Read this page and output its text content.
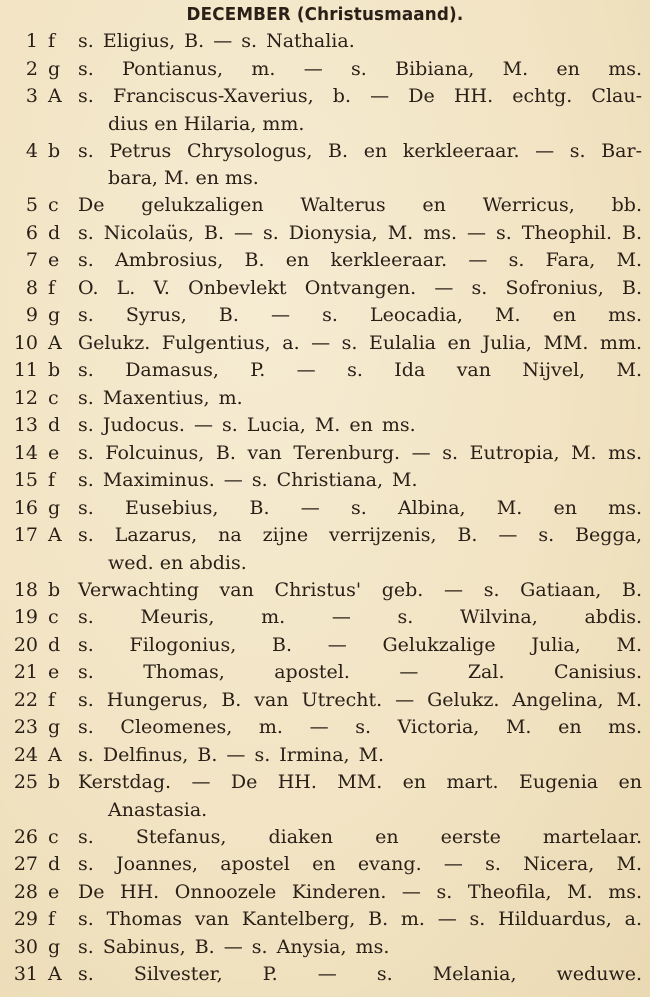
DECEMBER (Christusmaand).
1 f	s. Eligius, B. — s. Nathalia.
2 g s. Pontianus, m. — s. Bibiana, M. en ms.
3 A s. Franciscus-Xaverius, b. — De HH. echtg. Clau-
dius en Hilaria, mm.
4 b s. Petrus Chrysologus, B. en kerkleeraar. — s. Bar-
bara, M. en ms.
5 c	De gelukzaligen Walterus en Werricus, bb.
6 d s. Nicolaüs, B. — s. Dionysia, M. ms. — s. Theophil. B.
7 e s. Ambrosius, B. en kerkleeraar. — s. Fara, M.
8 f	O. L. V. Onbevlekt Ontvangen. — s. Sofronius, B.
9 g s. Syrus, B. — s. Leocadia, M. en ms.
10 A Gelukz. Fulgentius, a. — s. Eulalia en Julia, MM. mm.
11 b s. Damasus, P. — s. Ida van Nijvel, M.
12 c	s. Maxentius, m.
13 d s. Judocus. — s. Lucia, M. en ms.
14 e s. Folcuinus, B. van Terenburg. — s. Eutropia, M. ms.
15 f	s. Maximinus. — s. Christiana, M.
16 g s. Eusebius, B. — s. Albina, M. en ms.
17 A s. Lazarus, na zijne verrijzenis, B. — s. Begga,
wed. en abdis.
18 b Verwachting van Christus' geb. — s. Gatiaan, B.
19 c	s. Meuris, m. — s. Wilvina, abdis.
20 d s. Filogonius, B. — Gelukzalige Julia, M.
21 e s. Thomas, apostel. — Zal. Canisius.
22 f	s. Hungerus, B. van Utrecht. — Gelukz. Angelina, M.
23 g s. Cleomenes, m. — s. Victoria, M. en ms.
24 A s. Delfinus, B. — s. Irmina, M.
25 b Kerstdag. — De HH. MM. en mart. Eugenia en
Anastasia.
26 c	s. Stefanus, diaken en eerste martelaar.
27 d s. Joannes, apostel en evang. — s. Nicera, M.
28 e De HH. Onnoozele Kinderen. — s. Theofila, M. ms.
29 f	s. Thomas van Kantelberg, B. m. — s. Hilduardus, a.
30 g s. Sabinus, B. — s. Anysia, ms.
31 A s. Silvester, P. — s. Melania, weduwe.
